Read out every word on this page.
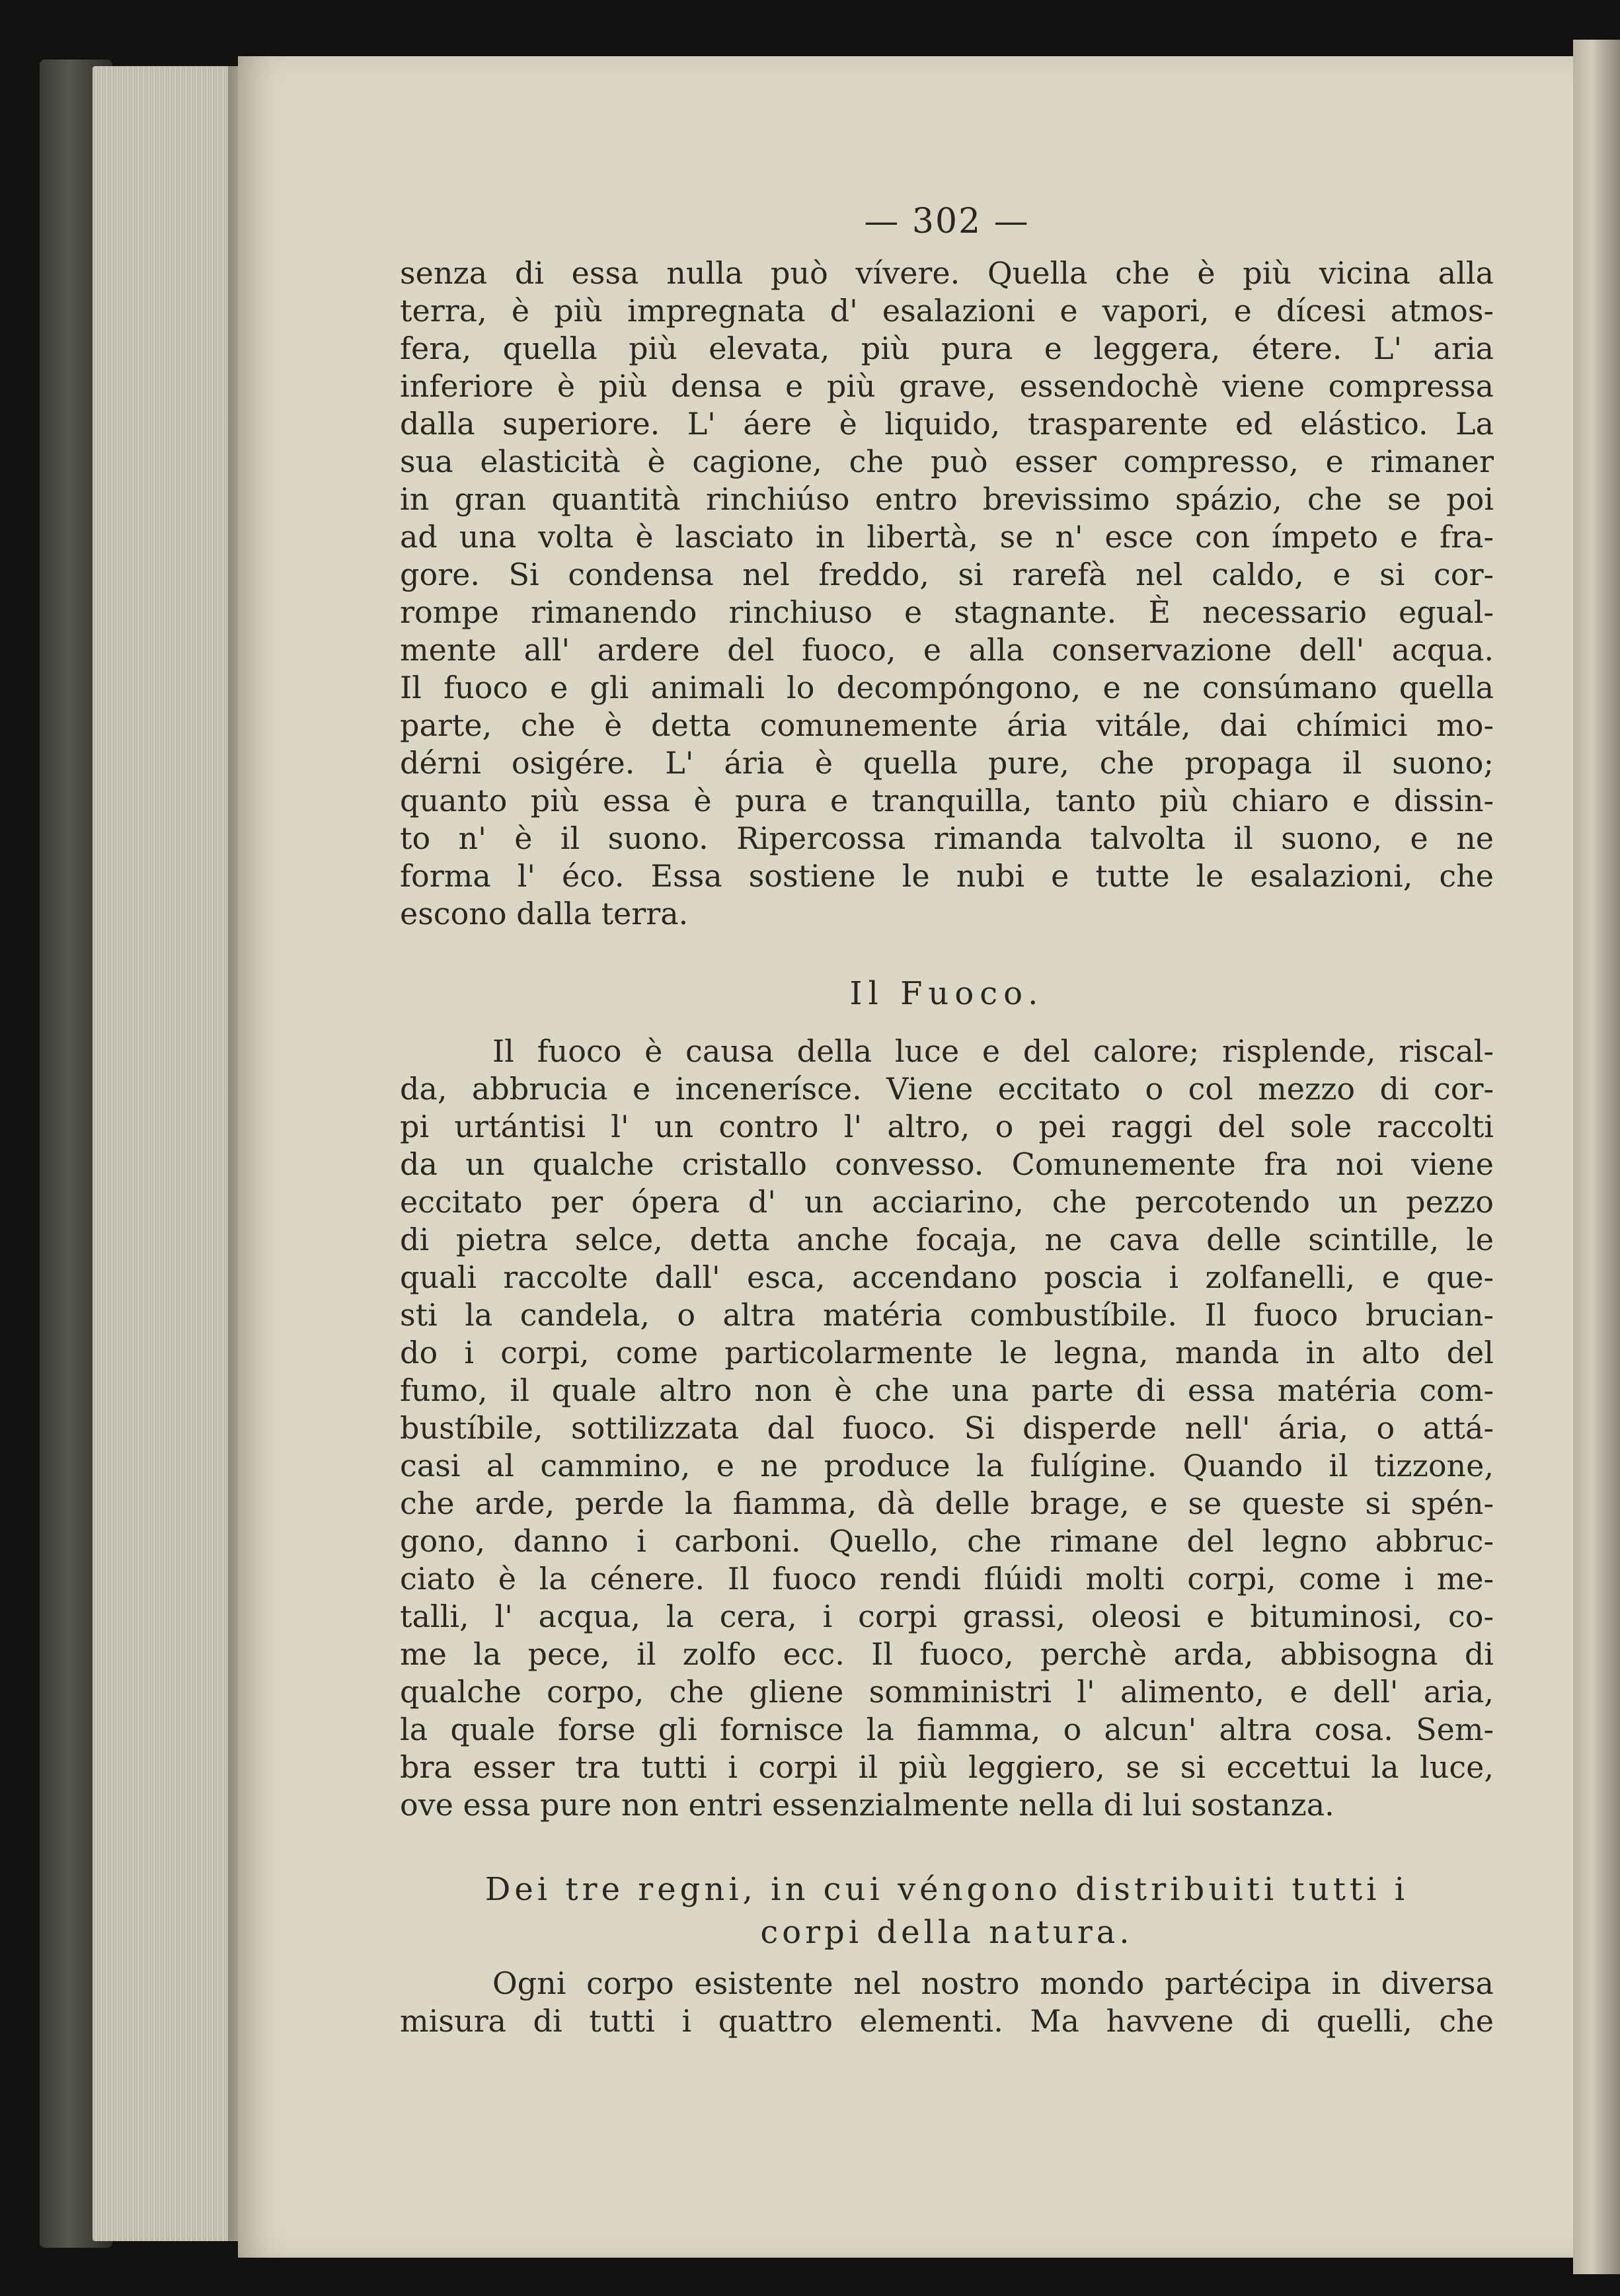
— 302 —

senza di essa nulla può vívere. Quella che è più vicina alla
terra, è più impregnata d' esalazioni e vapori, e dícesi atmos-
fera, quella più elevata, più pura e leggera, étere. L' aria
inferiore è più densa e più grave, essendochè viene compressa
dalla superiore. L' áere è liquido, trasparente ed elástico. La
sua elasticità è cagione, che può esser compresso, e rimaner
in gran quantità rinchiúso entro brevissimo spázio, che se poi
ad una volta è lasciato in libertà, se n' esce con ímpeto e fra-
gore. Si condensa nel freddo, si rarefà nel caldo, e si cor-
rompe rimanendo rinchiuso e stagnante. È necessario egual-
mente all' ardere del fuoco, e alla conservazione dell' acqua.
Il fuoco e gli animali lo decompóngono, e ne consúmano quella
parte, che è detta comunemente ária vitále, dai chímici mo-
dérni osigére. L' ária è quella pure, che propaga il suono;
quanto più essa è pura e tranquilla, tanto più chiaro e dissin-
to n' è il suono. Ripercossa rimanda talvolta il suono, e ne
forma l' éco. Essa sostiene le nubi e tutte le esalazioni, che
escono dalla terra.
Il Fuoco.
Il fuoco è causa della luce e del calore; risplende, riscal-
da, abbrucia e incenerísce. Viene eccitato o col mezzo di cor-
pi urtántisi l' un contro l' altro, o pei raggi del sole raccolti
da un qualche cristallo convesso. Comunemente fra noi viene
eccitato per ópera d' un acciarino, che percotendo un pezzo
di pietra selce, detta anche focaja, ne cava delle scintille, le
quali raccolte dall' esca, accendano poscia i zolfanelli, e que-
sti la candela, o altra matéria combustíbile. Il fuoco brucian-
do i corpi, come particolarmente le legna, manda in alto del
fumo, il quale altro non è che una parte di essa matéria com-
bustíbile, sottilizzata dal fuoco. Si disperde nell' ária, o attá-
casi al cammino, e ne produce la fulígine. Quando il tizzone,
che arde, perde la fiamma, dà delle brage, e se queste si spén-
gono, danno i carboni. Quello, che rimane del legno abbruc-
ciato è la cénere. Il fuoco rendi flúidi molti corpi, come i me-
talli, l' acqua, la cera, i corpi grassi, oleosi e bituminosi, co-
me la pece, il zolfo ecc. Il fuoco, perchè arda, abbisogna di
qualche corpo, che gliene somministri l' alimento, e dell' aria,
la quale forse gli fornisce la fiamma, o alcun' altra cosa. Sem-
bra esser tra tutti i corpi il più leggiero, se si eccettui la luce,
ove essa pure non entri essenzialmente nella di lui sostanza.
Dei tre regni, in cui véngono distribuiti tutti i
corpi della natura.
Ogni corpo esistente nel nostro mondo partécipa in diversa
misura di tutti i quattro elementi. Ma havvene di quelli, che
